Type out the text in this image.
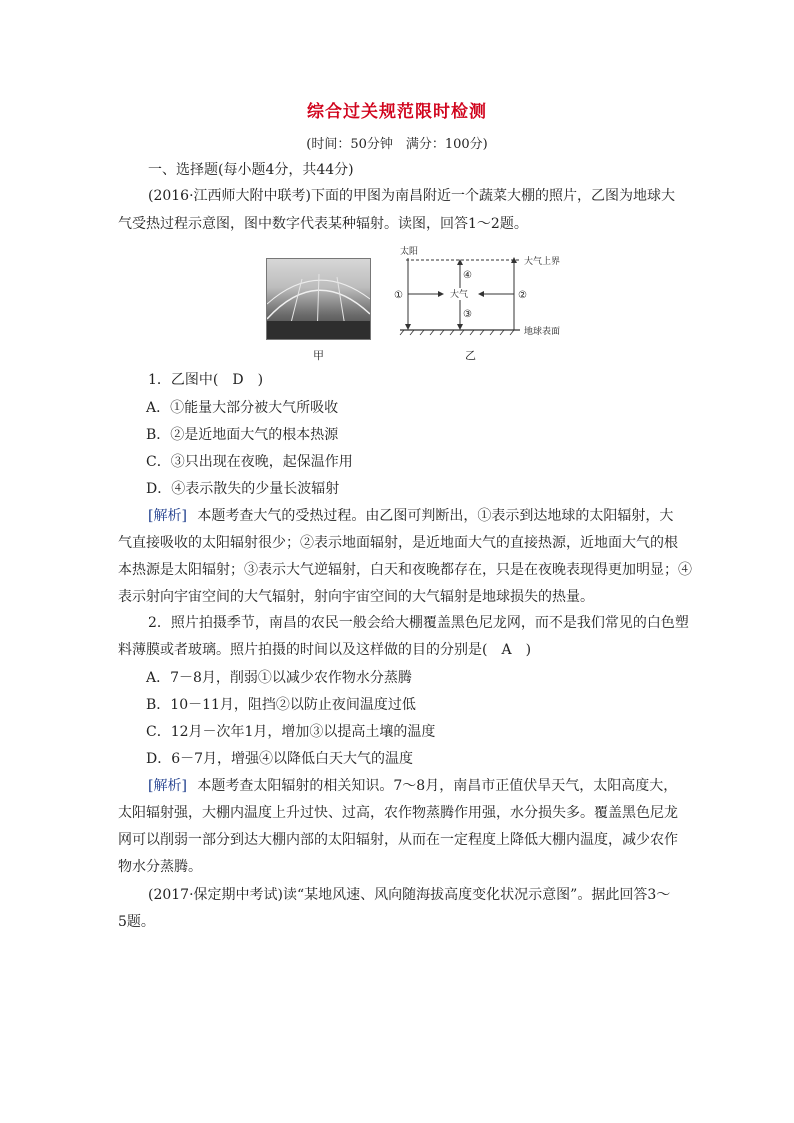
综合过关规范限时检测
(时间：50分钟　满分：100分)
一、选择题(每小题4分，共44分)
(2016·江西师大附中联考)下面的甲图为南昌附近一个蔬菜大棚的照片，乙图为地球大
气受热过程示意图，图中数字代表某种辐射。读图，回答1～2题。
甲
太阳
大气上界
地球表面
大气
①	②
③
④
乙
1．乙图中(　D　)
A．①能量大部分被大气所吸收
B．②是近地面大气的根本热源
C．③只出现在夜晚，起保温作用
D．④表示散失的少量长波辐射
[解析] 本题考查大气的受热过程。由乙图可判断出，①表示到达地球的太阳辐射，大
气直接吸收的太阳辐射很少；②表示地面辐射，是近地面大气的直接热源，近地面大气的根
本热源是太阳辐射；③表示大气逆辐射，白天和夜晚都存在，只是在夜晚表现得更加明显；④
表示射向宇宙空间的大气辐射，射向宇宙空间的大气辐射是地球损失的热量。
2．照片拍摄季节，南昌的农民一般会给大棚覆盖黑色尼龙网，而不是我们常见的白色塑
料薄膜或者玻璃。照片拍摄的时间以及这样做的目的分别是(　A　)
A．7－8月，削弱①以减少农作物水分蒸腾
B．10－11月，阻挡②以防止夜间温度过低
C．12月－次年1月，增加③以提高土壤的温度
D．6－7月，增强④以降低白天大气的温度
[解析] 本题考查太阳辐射的相关知识。7～8月，南昌市正值伏旱天气，太阳高度大，
太阳辐射强，大棚内温度上升过快、过高，农作物蒸腾作用强，水分损失多。覆盖黑色尼龙
网可以削弱一部分到达大棚内部的太阳辐射，从而在一定程度上降低大棚内温度，减少农作
物水分蒸腾。
(2017·保定期中考试)读“某地风速、风向随海拔高度变化状况示意图”。据此回答3～
5题。
